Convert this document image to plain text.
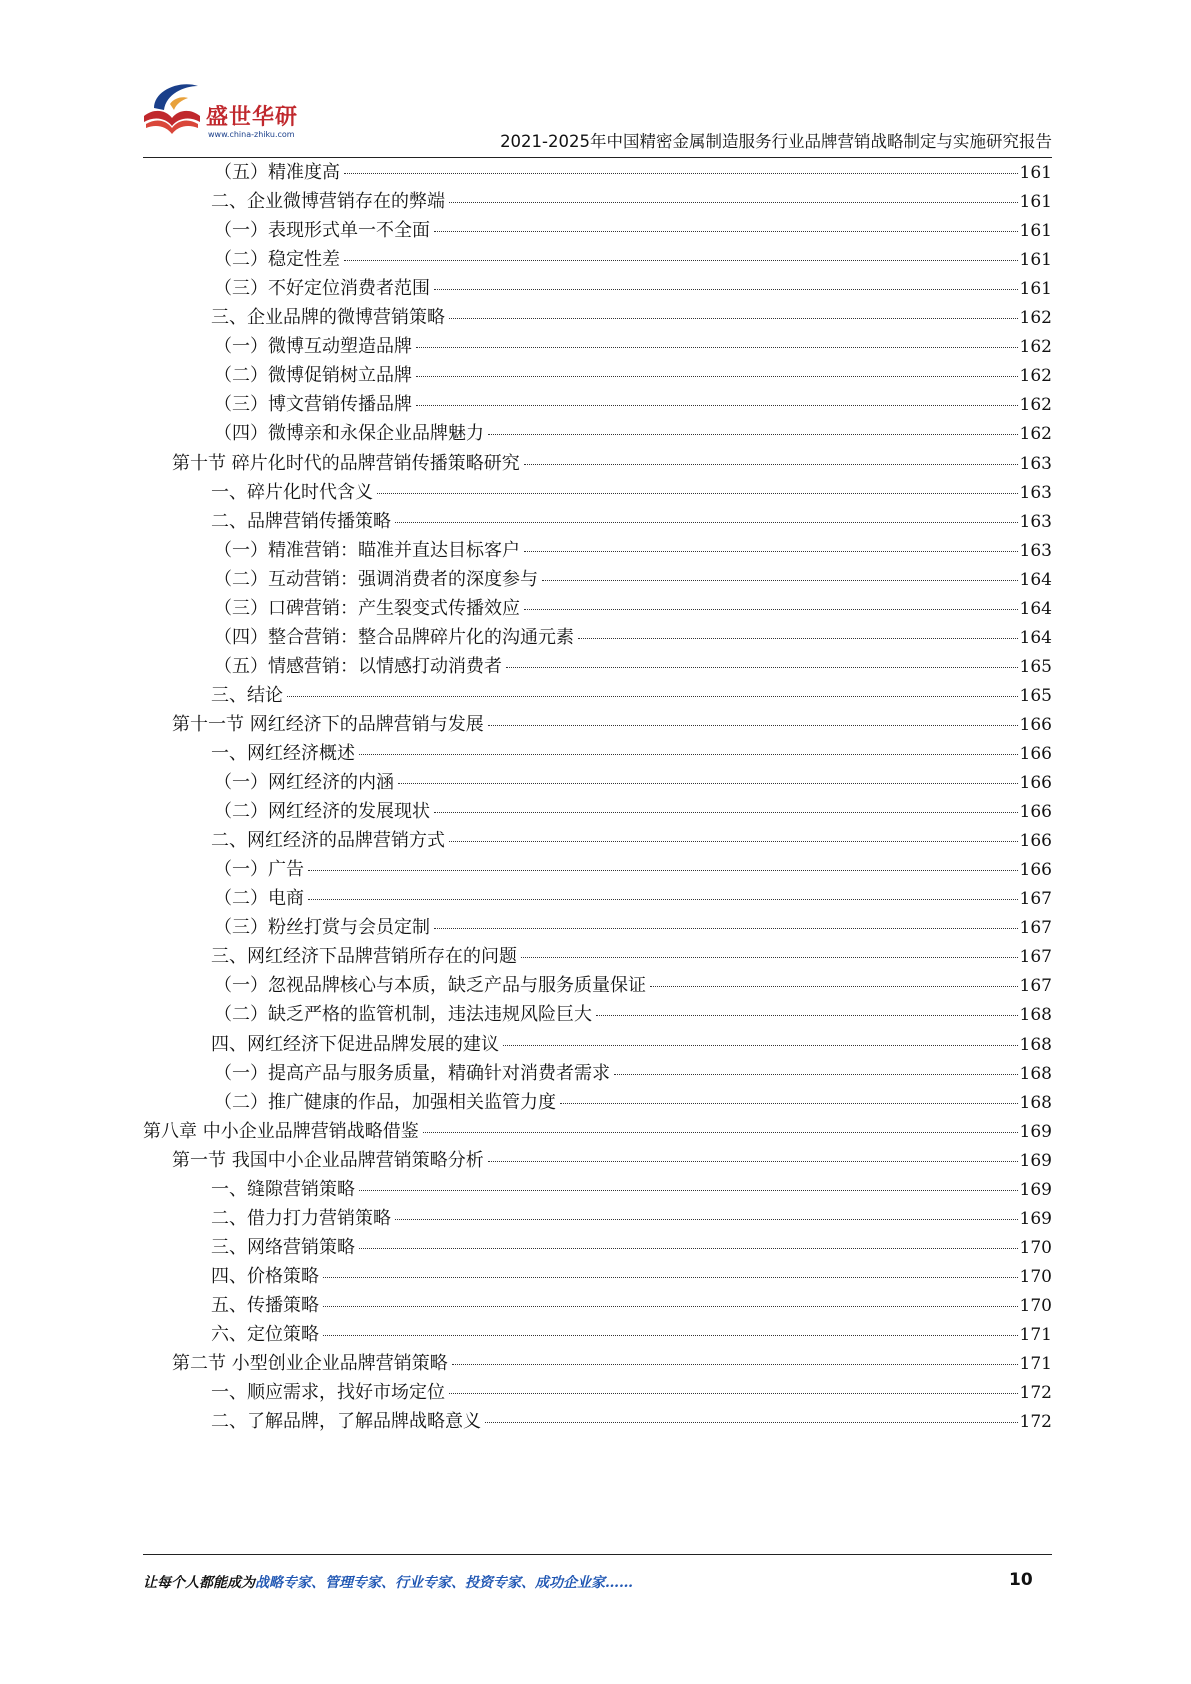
盛世华研
www.china-zhiku.com	2021-2025年中国精密金属制造服务行业品牌营销战略制定与实施研究报告
（五）精准度高	161
二、企业微博营销存在的弊端	161
（一）表现形式单一不全面	161
（二）稳定性差	161
（三）不好定位消费者范围	161
三、企业品牌的微博营销策略	162
（一）微博互动塑造品牌	162
（二）微博促销树立品牌	162
（三）博文营销传播品牌	162
（四）微博亲和永保企业品牌魅力	162
第十节 碎片化时代的品牌营销传播策略研究	163
一、碎片化时代含义	163
二、品牌营销传播策略	163
（一）精准营销：瞄准并直达目标客户	163
（二）互动营销：强调消费者的深度参与	164
（三）口碑营销：产生裂变式传播效应	164
（四）整合营销：整合品牌碎片化的沟通元素	164
（五）情感营销：以情感打动消费者	165
三、结论	165
第十一节 网红经济下的品牌营销与发展	166
一、网红经济概述	166
（一）网红经济的内涵	166
（二）网红经济的发展现状	166
二、网红经济的品牌营销方式	166
（一）广告	166
（二）电商	167
（三）粉丝打赏与会员定制	167
三、网红经济下品牌营销所存在的问题	167
（一）忽视品牌核心与本质，缺乏产品与服务质量保证	167
（二）缺乏严格的监管机制，违法违规风险巨大	168
四、网红经济下促进品牌发展的建议	168
（一）提高产品与服务质量，精确针对消费者需求	168
（二）推广健康的作品，加强相关监管力度	168
第八章 中小企业品牌营销战略借鉴	169
第一节 我国中小企业品牌营销策略分析	169
一、缝隙营销策略	169
二、借力打力营销策略	169
三、网络营销策略	170
四、价格策略	170
五、传播策略	170
六、定位策略	171
第二节 小型创业企业品牌营销策略	171
一、顺应需求，找好市场定位	172
二、了解品牌，了解品牌战略意义	172
让每个人都能成为战略专家、管理专家、行业专家、投资专家、成功企业家……	10
